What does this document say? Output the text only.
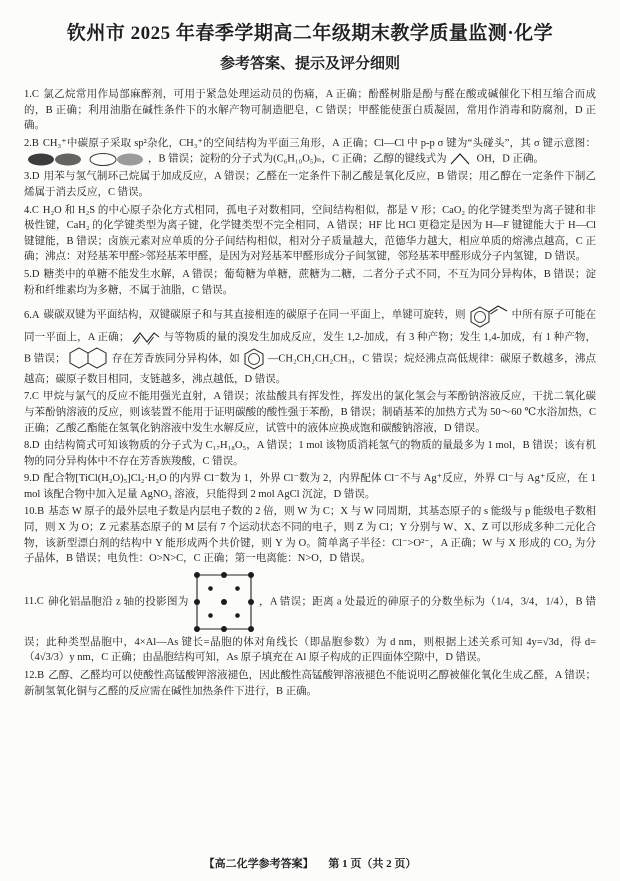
钦州市 2025 年春季学期高二年级期末教学质量监测·化学
参考答案、提示及评分细则

1.C 氯乙烷常用作局部麻醉剂，可用于紧急处理运动员的伤痛，A 正确；酚醛树脂是酚与醛在酸或碱催化下相互缩合而成的，B 正确；利用油脂在碱性条件下的水解产物可制造肥皂，C 错误；甲醛能使蛋白质凝固，常用作消毒和防腐剂，D 正确。

2.B CH₃⁺中碳原子采取 sp²杂化，CH₃⁺的空间结构为平面三角形，A 正确；Cl—Cl 中 p-p σ 键为“头碰头”，其 σ 键示意图：，B 错误；淀粉的分子式为(C₆H₁₀O₅)ₙ，C 正确；乙醇的键线式为	OH，D 正确。

3.D 用苯与氢气制环己烷属于加成反应，A 错误；乙醛在一定条件下制乙酸是氧化反应，B 错误；用乙醇在一定条件下制乙烯属于消去反应，C 错误。

4.C H₂O 和 H₂S 的中心原子杂化方式相同，孤电子对数相同，空间结构相似，都是 V 形；CaO₂ 的化学键类型为离子键和非极性键，CaH₂ 的化学键类型为离子键，化学键类型不完全相同，A 错误；HF 比 HCl 更稳定是因为 H—F 键键能大于 H—Cl 键键能，B 错误；卤族元素对应单质的分子间结构相似，相对分子质量越大，范德华力越大，相应单质的熔沸点越高，C 正确；沸点：对羟基苯甲醛>邻羟基苯甲醛，是因为对羟基苯甲醛形成分子间氢键，邻羟基苯甲醛形成分子内氢键，D 错误。

5.D 糖类中的单糖不能发生水解，A 错误；葡萄糖为单糖，蔗糖为二糖，二者分子式不同，不互为同分异构体，B 错误；淀粉和纤维素均为多糖，不属于油脂，C 错误。

6.A 碳碳双键为平面结构，双键碳原子和与其直接相连的碳原子在同一平面上，单键可旋转，则	中所有原子可能在同一平面上，A 正确；	与等物质的量的溴发生加成反应，发生 1,2-加成，有 3 种产物；发生 1,4-加成，有 1 种产物，B 错误；	存在芳香族同分异构体，如	—CH₂CH₂CH₂CH₃，C 错误；烷烃沸点高低规律：碳原子数越多，沸点越高；碳原子数目相同，支链越多，沸点越低，D 错误。

7.C 甲烷与氯气的反应不能用强光直射，A 错误；浓盐酸具有挥发性，挥发出的氯化氢会与苯酚钠溶液反应，干扰二氧化碳与苯酚钠溶液的反应，则该装置不能用于证明碳酸的酸性强于苯酚，B 错误；制硝基苯的加热方式为 50～60 ℃水浴加热，C 正确；乙酸乙酯能在氢氧化钠溶液中发生水解反应，试管中的液体应换成饱和碳酸钠溶液，D 错误。

8.D 由结构简式可知该物质的分子式为 C₁₇H₁₈O₅，A 错误；1 mol 该物质消耗氢气的物质的量最多为 1 mol，B 错误；该有机物的同分异构体中不存在芳香族羧酸，C 错误。

9.D 配合物[TiCl(H₂O)₅]Cl₂·H₂O 的内界 Cl⁻数为 1，外界 Cl⁻数为 2，内界配体 Cl⁻不与 Ag⁺反应，外界 Cl⁻与 Ag⁺反应，在 1 mol 该配合物中加入足量 AgNO₃ 溶液，只能得到 2 mol AgCl 沉淀，D 错误。

10.B 基态 W 原子的最外层电子数是内层电子数的 2 倍，则 W 为 C；X 与 W 同周期，其基态原子的 s 能级与 p 能级电子数相同，则 X 为 O；Z 元素基态原子的 M 层有 7 个运动状态不同的电子，则 Z 为 Cl；Y 分别与 W、X、Z 可以形成多种二元化合物，该新型漂白剂的结构中 Y 能形成两个共价键，则 Y 为 O。简单离子半径：Cl⁻>O²⁻，A 正确；W 与 X 形成的 CO₂ 为分子晶体，B 错误；电负性：O>N>C，C 正确；第一电离能：N>O，D 错误。

11.C 砷化铝晶胞沿 z 轴的投影图为	，A 错误；距离 a 处最近的砷原子的分数坐标为（1/4，3/4，1/4），B 错误；此种类型晶胞中，4×Al—As 键长=晶胞的体对角线长（即晶胞参数）为 d nm，则根据上述关系可知 4y=√3d，得 d=（4√3/3）y nm，C 正确；由晶胞结构可知，As 原子填充在 Al 原子构成的正四面体空隙中，D 错误。

12.B 乙醇、乙醛均可以使酸性高锰酸钾溶液褪色，因此酸性高锰酸钾溶液褪色不能说明乙醇被催化氧化生成乙醛，A 错误；新制氢氧化铜与乙醛的反应需在碱性加热条件下进行，B 正确。

【高二化学参考答案】 第 1 页（共 2 页）
